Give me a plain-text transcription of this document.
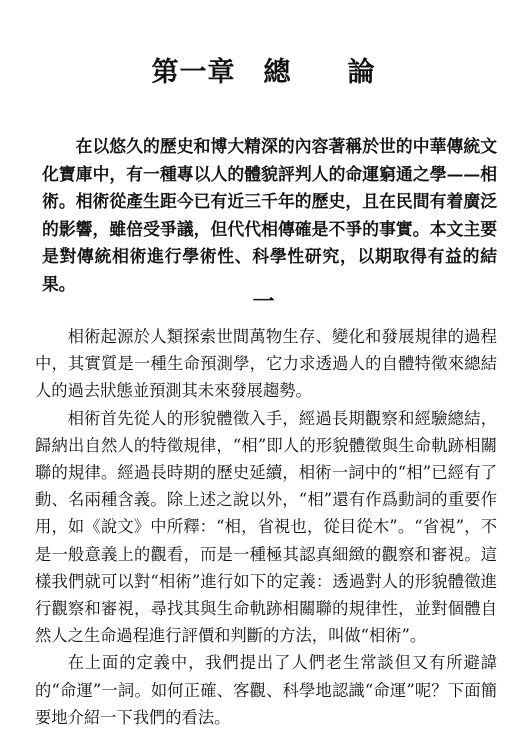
第一章　總　　論

在以悠久的歷史和博大精深的內容著稱於世的中華傳統文化寶庫中，有一種專以人的體貌評判人的命運窮通之學——相術。相術從產生距今已有近三千年的歷史，且在民間有着廣泛的影響，雖倍受爭議，但代代相傳確是不爭的事實。本文主要是對傳統相術進行學術性、科學性研究，以期取得有益的結果。

一

相術起源於人類探索世間萬物生存、變化和發展規律的過程中，其實質是一種生命預測學，它力求透過人的自體特徵來總結人的過去狀態並預測其未來發展趨勢。

相術首先從人的形貌體徵入手，經過長期觀察和經驗總結，歸納出自然人的特徵規律，“相”即人的形貌體徵與生命軌跡相關聯的規律。經過長時期的歷史延續，相術一詞中的“相”已經有了動、名兩種含義。除上述之說以外，“相”還有作爲動詞的重要作用，如《說文》中所釋：“相，省視也，從目從木”。“省視”，不是一般意義上的觀看，而是一種極其認真細緻的觀察和審視。這樣我們就可以對“相術”進行如下的定義：透過對人的形貌體徵進行觀察和審視，尋找其與生命軌跡相關聯的規律性，並對個體自然人之生命過程進行評價和判斷的方法，叫做“相術”。

在上面的定義中，我們提出了人們老生常談但又有所避諱的“命運”一詞。如何正確、客觀、科學地認識“命運”呢？下面簡要地介紹一下我們的看法。
